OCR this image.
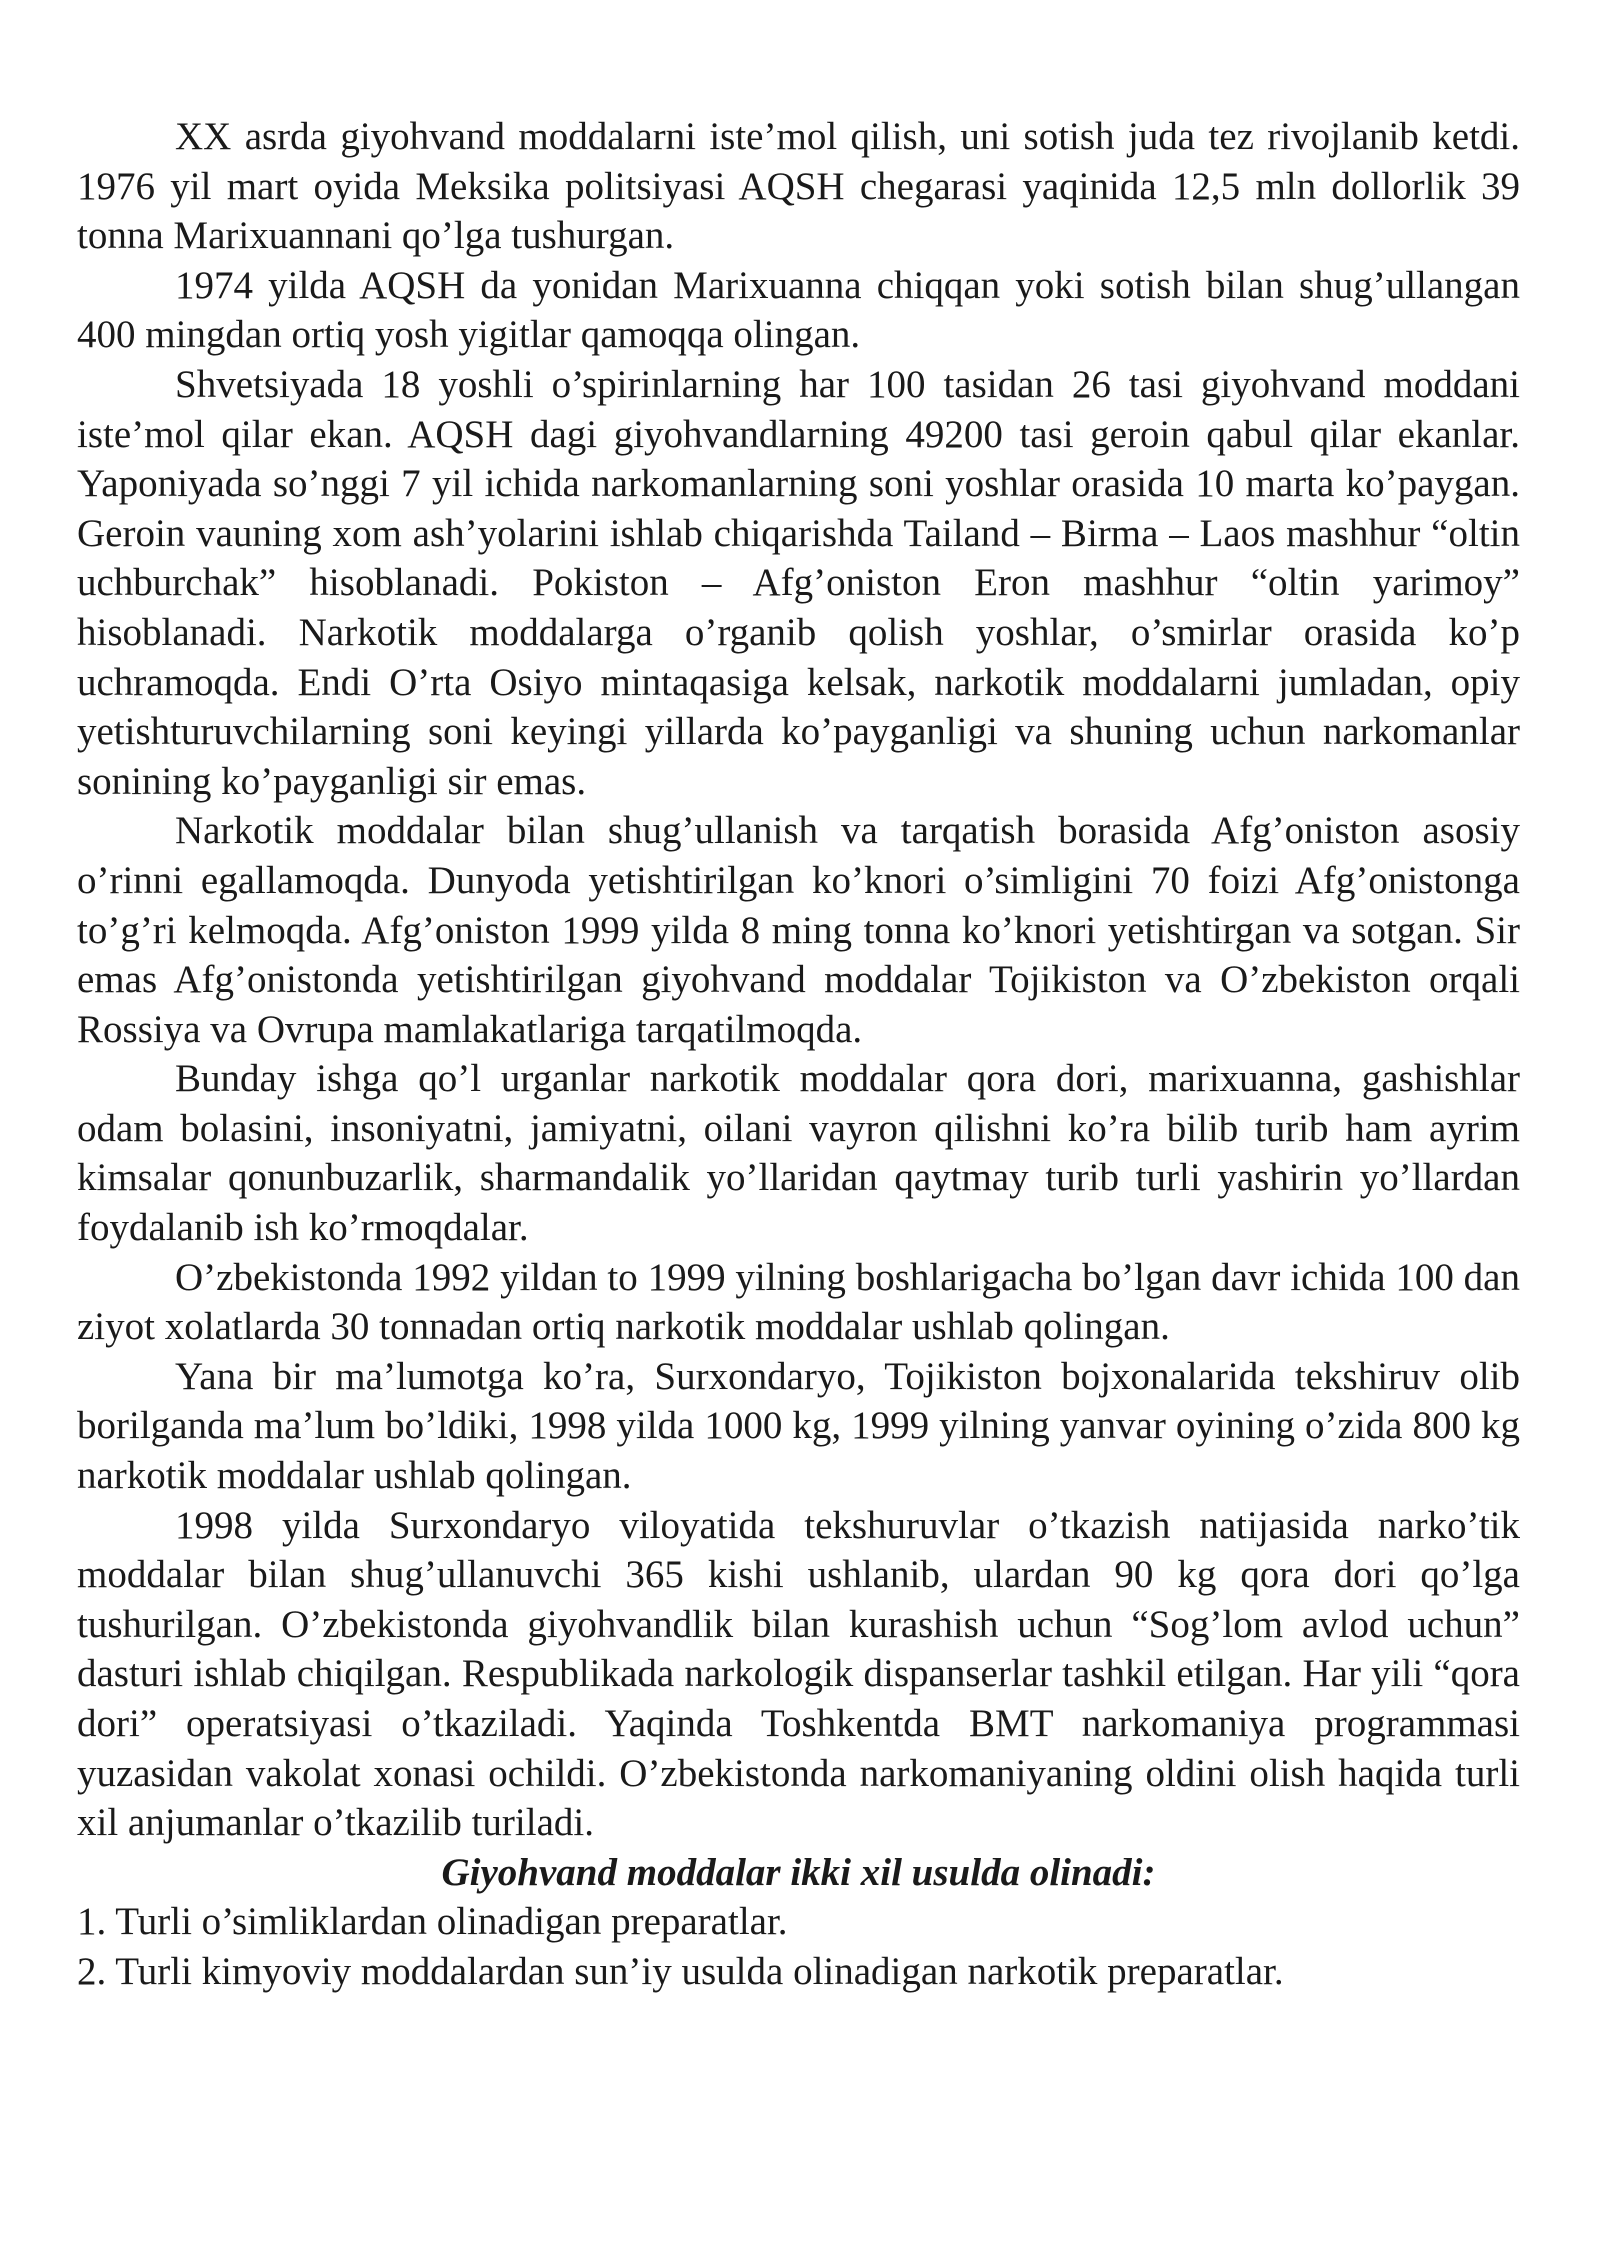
XX asrda giyohvand moddalarni iste’mol qilish, uni sotish juda tez rivojlanib ketdi. 1976 yil mart oyida Meksika politsiyasi AQSH chegarasi yaqinida 12,5 mln dollorlik 39 tonna Marixuannani qo’lga tushurgan.

1974 yilda AQSH da yonidan Marixuanna chiqqan yoki sotish bilan shug’ullangan 400 mingdan ortiq yosh yigitlar qamoqqa olingan.

Shvetsiyada 18 yoshli o’spirinlarning har 100 tasidan 26 tasi giyohvand moddani iste’mol qilar ekan. AQSH dagi giyohvandlarning 49200 tasi geroin qabul qilar ekanlar. Yaponiyada so’nggi 7 yil ichida narkomanlarning soni yoshlar orasida 10 marta ko’paygan. Geroin vauning xom ash’yolarini ishlab chiqarishda Tailand – Birma – Laos mashhur “oltin uchburchak” hisoblanadi. Pokiston – Afg’oniston Eron mashhur “oltin yarimoy” hisoblanadi. Narkotik moddalarga o’rganib qolish yoshlar, o’smirlar orasida ko’p uchramoqda. Endi O’rta Osiyo mintaqasiga kelsak, narkotik moddalarni jumladan, opiy yetishturuvchilarning soni keyingi yillarda ko’payganligi va shuning uchun narkomanlar sonining ko’payganligi sir emas.

Narkotik moddalar bilan shug’ullanish va tarqatish borasida Afg’oniston asosiy o’rinni egallamoqda. Dunyoda yetishtirilgan ko’knori o’simligini 70 foizi Afg’onistonga to’g’ri kelmoqda. Afg’oniston 1999 yilda 8 ming tonna ko’knori yetishtirgan va sotgan. Sir emas Afg’onistonda yetishtirilgan giyohvand moddalar Tojikiston va O’zbekiston orqali Rossiya va Ovrupa mamlakatlariga tarqatilmoqda.

Bunday ishga qo’l urganlar narkotik moddalar qora dori, marixuanna, gashishlar odam bolasini, insoniyatni, jamiyatni, oilani vayron qilishni ko’ra bilib turib ham ayrim kimsalar qonunbuzarlik, sharmandalik yo’llaridan qaytmay turib turli yashirin yo’llardan foydalanib ish ko’rmoqdalar.

O’zbekistonda 1992 yildan to 1999 yilning boshlarigacha bo’lgan davr ichida 100 dan ziyot xolatlarda 30 tonnadan ortiq narkotik moddalar ushlab qolingan.

Yana bir ma’lumotga ko’ra, Surxondaryo, Tojikiston bojxonalarida tekshiruv olib borilganda ma’lum bo’ldiki, 1998 yilda 1000 kg, 1999 yilning yanvar oyining o’zida 800 kg narkotik moddalar ushlab qolingan.

1998 yilda Surxondaryo viloyatida tekshuruvlar o’tkazish natijasida narko’tik moddalar bilan shug’ullanuvchi 365 kishi ushlanib, ulardan 90 kg qora dori qo’lga tushurilgan. O’zbekistonda giyohvandlik bilan kurashish uchun “Sog’lom avlod uchun” dasturi ishlab chiqilgan. Respublikada narkologik dispanserlar tashkil etilgan. Har yili “qora dori” operatsiyasi o’tkaziladi. Yaqinda Toshkentda BMT narkomaniya programmasi yuzasidan vakolat xonasi ochildi. O’zbekistonda narkomaniyaning oldini olish haqida turli xil anjumanlar o’tkazilib turiladi.

Giyohvand moddalar ikki xil usulda olinadi:

1. Turli o’simliklardan olinadigan preparatlar.
2. Turli kimyoviy moddalardan sun’iy usulda olinadigan narkotik preparatlar.
